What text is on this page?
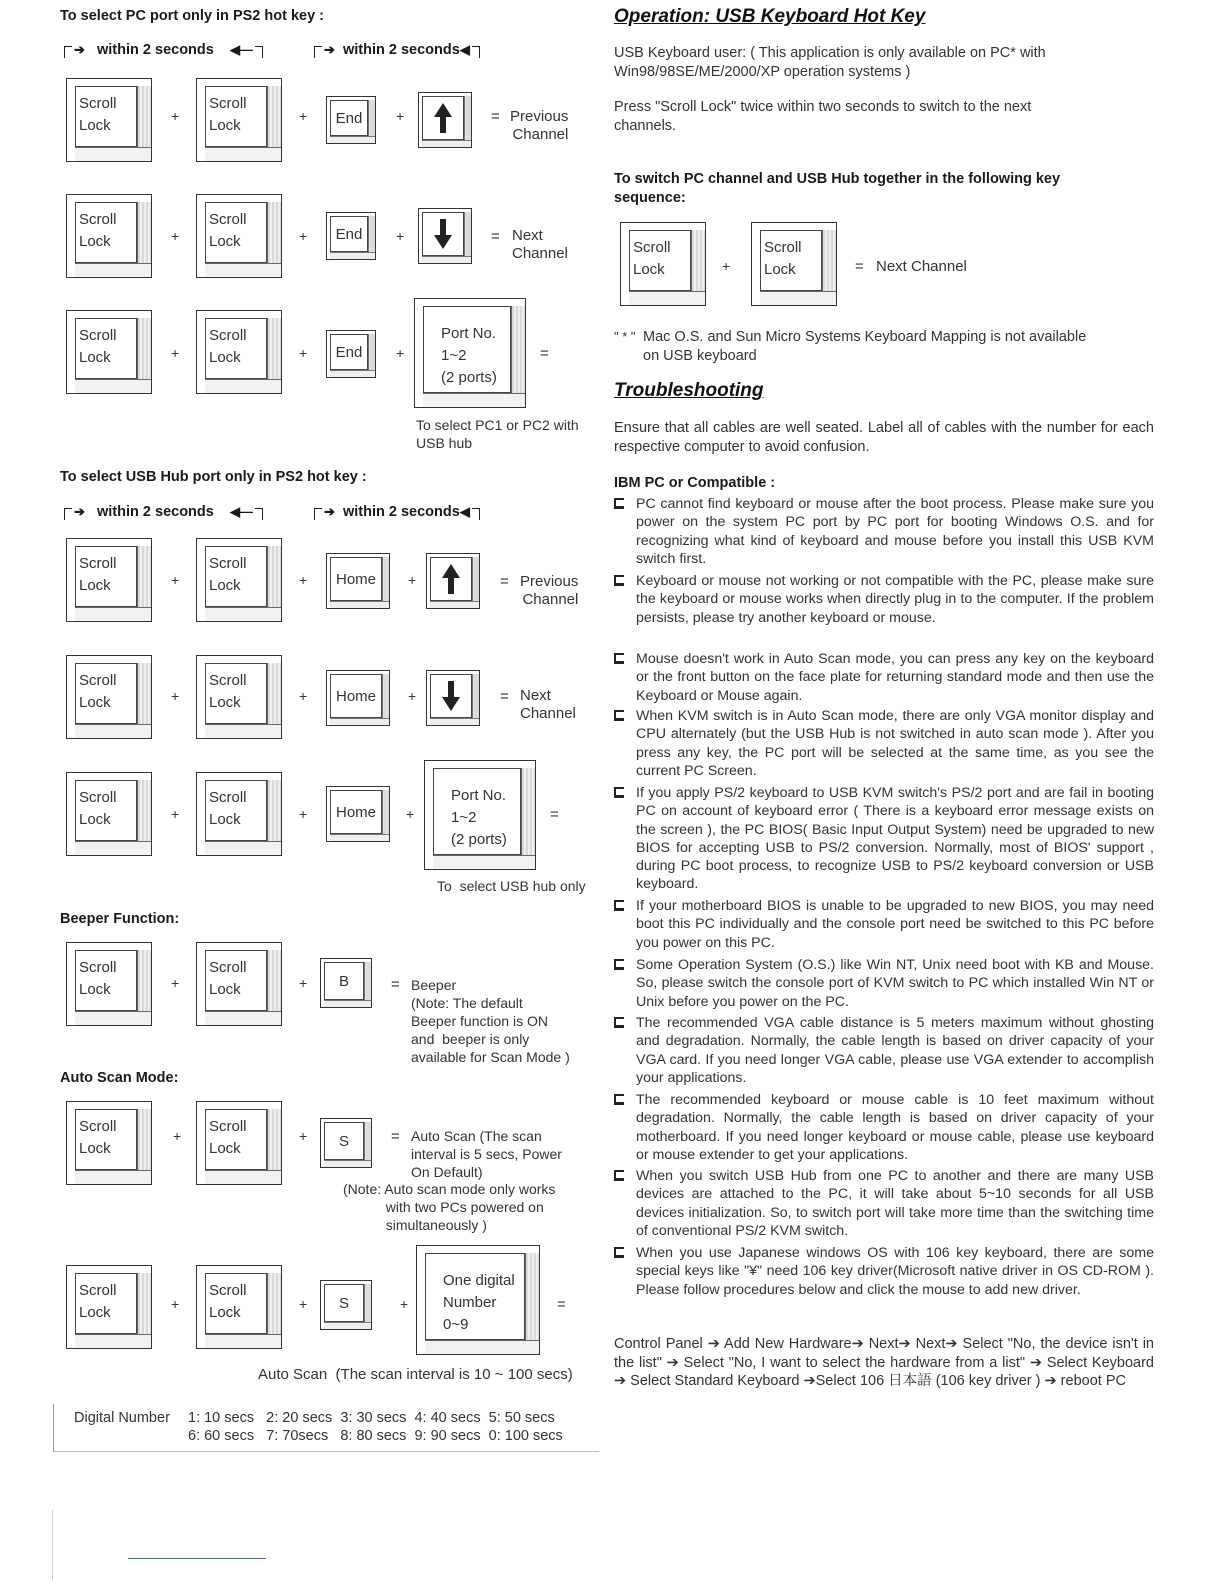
To select PC port only in PS2 hot key :
➔ within 2 seconds ◀—	➔ within 2 seconds◀
Scroll
Lock
+
Scroll
Lock
+	End	+	= Previous
Channel
Scroll
Lock	+
Scroll
Lock	+	End	+	= Next
Channel
Scroll
Lock	+
Scroll
Lock	+	End	+
Port No.
1~2
(2 ports)
=
To select PC1 or PC2 with
USB hub
To select USB Hub port only in PS2 hot key :
➔ within 2 seconds ◀—	➔ within 2 seconds◀
Scroll
Lock	+
Scroll
Lock	+	Home	+	= Previous
Channel
Scroll
Lock	+
Scroll
Lock	+	Home	+	= Next
Channel
Scroll
Lock	+
Scroll
Lock	+	Home	+
Port No.
1~2
(2 ports)
=
To  select USB hub only
Beeper Function:
Scroll
Lock	+
Scroll
Lock	+	B	= Beeper
(Note: The default
Beeper function is ON
and  beeper is only
available for Scan Mode )
Auto Scan Mode:
Scroll
Lock
+
Scroll
Lock
+	S	= Auto Scan (The scan
interval is 5 secs, Power
On Default)
(Note: Auto scan mode only works
with two PCs powered on
simultaneously )
Scroll
Lock	+
Scroll
Lock	+	S	+
One digital
Number
0~9
=
Auto Scan  (The scan interval is 10 ~ 100 secs)
Digital Number 1: 10 secs   2: 20 secs  3: 30 secs  4: 40 secs  5: 50 secs
6: 60 secs   7: 70secs   8: 80 secs  9: 90 secs  0: 100 secs
Operation: USB Keyboard Hot Key
USB Keyboard user: ( This application is only available on PC* with Win98/98SE/ME/2000/XP operation systems )
Press "Scroll Lock" twice within two seconds to switch to the next channels.
To switch PC channel and USB Hub together in the following key sequence:
Scroll
Lock	+
Scroll
Lock	= Next Channel
" * " Mac O.S. and Sun Micro Systems Keyboard Mapping is not available
on USB keyboard
Troubleshooting
Ensure that all cables are well seated. Label all of cables with the number for each respective computer to avoid confusion.
IBM PC or Compatible :
PC cannot find keyboard or mouse after the boot process. Please make sure you power on the system PC port by PC port for booting Windows O.S. and for recognizing what kind of keyboard and mouse before you install this USB KVM switch first.
Keyboard or mouse not working or not compatible with the PC, please make sure the keyboard or mouse works when directly plug in to the computer. If the problem persists, please try another keyboard or mouse.
Mouse doesn't work in Auto Scan mode, you can press any key on the keyboard or the front button on the face plate for returning standard mode and then use the Keyboard or Mouse again.
When KVM switch is in Auto Scan mode, there are only VGA monitor display and CPU alternately (but the USB Hub is not switched in auto scan mode ). After you press any key, the PC port will be selected at the same time, as you see the current PC Screen.
If you apply PS/2 keyboard to USB KVM switch's PS/2 port and are fail in booting PC on account of keyboard error ( There is a keyboard error message exists on the screen ), the PC BIOS( Basic Input Output System) need be upgraded to new BIOS for accepting USB to PS/2 conversion. Normally, most of BIOS' support , during PC boot process, to recognize USB to PS/2 keyboard conversion or USB keyboard.
If your motherboard BIOS is unable to be upgraded to new BIOS, you may need boot this PC individually and the console port need be switched to this PC before you power on this PC.
Some Operation System (O.S.) like Win NT, Unix need boot with KB and Mouse. So, please switch the console port of KVM switch to PC which installed Win NT or Unix before you power on the PC.
The recommended VGA cable distance is 5 meters maximum without ghosting and degradation. Normally, the cable length is based on driver capacity of your VGA card. If you need longer VGA cable, please use VGA extender to accomplish your applications.
The recommended keyboard or mouse cable is 10 feet maximum without degradation. Normally, the cable length is based on driver capacity of your motherboard. If you need longer keyboard or mouse cable, please use keyboard or mouse extender to get your applications.
When you switch USB Hub from one PC to another and there are many USB devices are attached to the PC, it will take about 5~10 seconds for all USB devices initialization. So, to switch port will take more time than the switching time of conventional PS/2 KVM switch.
When you use Japanese windows OS with 106 key keyboard, there are some special keys like "¥" need 106 key driver(Microsoft native driver in OS CD-ROM ). Please follow procedures below and click the mouse to add new driver.
Control Panel ➔ Add New Hardware➔ Next➔ Next➔ Select "No, the device isn't in the list" ➔ Select "No, I want to select the hardware from a list" ➔ Select Keyboard ➔ Select Standard Keyboard ➔Select 106 日本語 (106 key driver ) ➔ reboot PC
